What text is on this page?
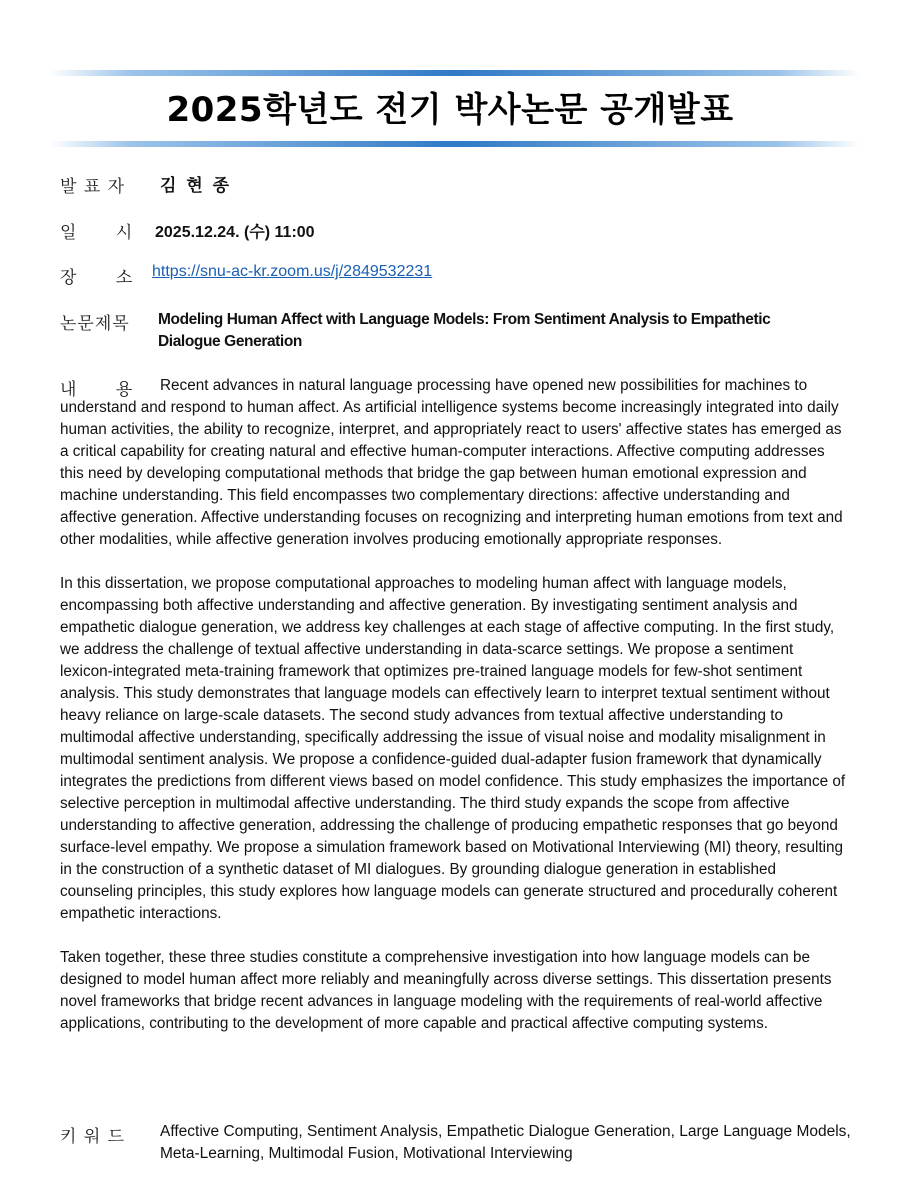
2025학년도 전기 박사논문 공개발표
발 표 자 김 현 종
일      시 2025.12.24. (수) 11:00
장      소 https://snu-ac-kr.zoom.us/j/2849532231
논문제목 Modeling Human Affect with Language Models: From Sentiment Analysis to Empathetic Dialogue Generation
내      용	Recent advances in natural language processing have opened new possibilities for machines to understand and respond to human affect. As artificial intelligence systems become increasingly integrated into daily human activities, the ability to recognize, interpret, and appropriately react to users' affective states has emerged as a critical capability for creating natural and effective human-computer interactions. Affective computing addresses this need by developing computational methods that bridge the gap between human emotional expression and machine understanding. This field encompasses two complementary directions: affective understanding and affective generation. Affective understanding focuses on recognizing and interpreting human emotions from text and other modalities, while affective generation involves producing emotionally appropriate responses.

In this dissertation, we propose computational approaches to modeling human affect with language models, encompassing both affective understanding and affective generation. By investigating sentiment analysis and empathetic dialogue generation, we address key challenges at each stage of affective computing. In the first study, we address the challenge of textual affective understanding in data-scarce settings. We propose a sentiment lexicon-integrated meta-training framework that optimizes pre-trained language models for few-shot sentiment analysis. This study demonstrates that language models can effectively learn to interpret textual sentiment without heavy reliance on large-scale datasets. The second study advances from textual affective understanding to multimodal affective understanding, specifically addressing the issue of visual noise and modality misalignment in multimodal sentiment analysis. We propose a confidence-guided dual-adapter fusion framework that dynamically integrates the predictions from different views based on model confidence. This study emphasizes the importance of selective perception in multimodal affective understanding. The third study expands the scope from affective understanding to affective generation, addressing the challenge of producing empathetic responses that go beyond surface-level empathy. We propose a simulation framework based on Motivational Interviewing (MI) theory, resulting in the construction of a synthetic dataset of MI dialogues. By grounding dialogue generation in established counseling principles, this study explores how language models can generate structured and procedurally coherent empathetic interactions.

Taken together, these three studies constitute a comprehensive investigation into how language models can be designed to model human affect more reliably and meaningfully across diverse settings. This dissertation presents novel frameworks that bridge recent advances in language modeling with the requirements of real-world affective applications, contributing to the development of more capable and practical affective computing systems.

키 워 드 Affective Computing, Sentiment Analysis, Empathetic Dialogue Generation, Large Language Models, Meta-Learning, Multimodal Fusion, Motivational Interviewing
